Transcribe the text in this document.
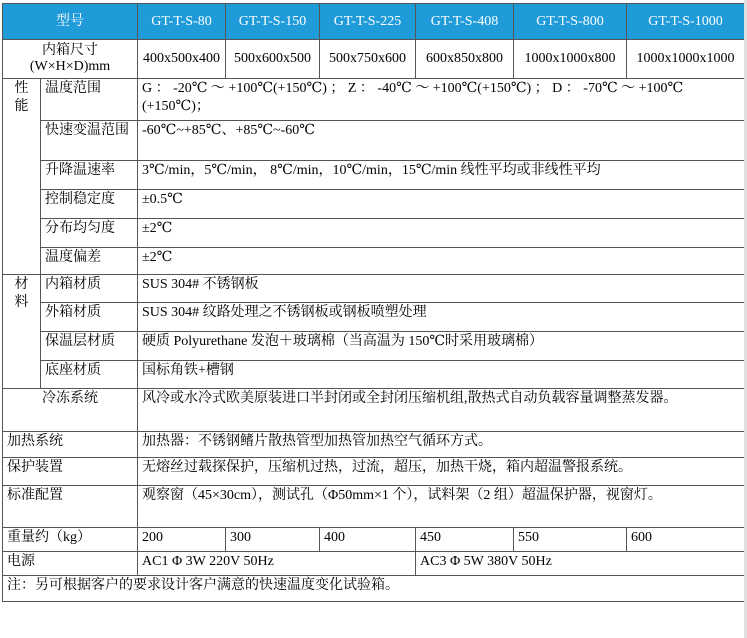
型号		GT-T-S-80	GT-T-S-150	GT-T-S-225	GT-T-S-408	GT-T-S-800	GT-T-S-1000
内箱尺寸
(W×H×D)mm		400x500x400	500x600x500	500x750x600	600x850x800	1000x1000x800	1000x1000x1000

性
能	温度范围	G ： -20℃ ～ +100℃(+150℃) ； Z ： -40℃ ～ +100℃(+150℃) ； D ： -70℃ ～ +100℃(+150℃)；					
	快速变温范围	-60℃~+85℃、+85℃~-60℃					
	升降温速率	3℃/min，5℃/min， 8℃/min，10℃/min，15℃/min 线性平均或非线性平均					
	控制稳定度	±0.5℃					
	分布均匀度	±2℃					
	温度偏差	±2℃					

材
料	内箱材质	SUS 304# 不锈钢板					
	外箱材质	SUS 304# 纹路处理之不锈钢板或钢板喷塑处理					
	保温层材质	硬质 Polyurethane 发泡＋玻璃棉（当高温为 150℃时采用玻璃棉）					
	底座材质	国标角铁+槽钢					
冷冻系统		风冷或水冷式欧美原装进口半封闭或全封闭压缩机组,散热式自动负载容量调整蒸发器。					
加热系统		加热器：不锈钢鳍片散热管型加热管加热空气循环方式。					
保护装置		无熔丝过载探保护，压缩机过热，过流，超压，加热干烧，箱内超温警报系统。					
标准配置		观察窗（45×30cm），测试孔（Φ50mm×1 个），试料架（2 组）超温保护器，视窗灯。					
重量约（kg）		200	300	400	450	550	600
电源		AC1 Φ 3W 220V 50Hz			AC3 Φ 5W 380V 50Hz		
注：另可根据客户的要求设计客户满意的快速温度变化试验箱。							
